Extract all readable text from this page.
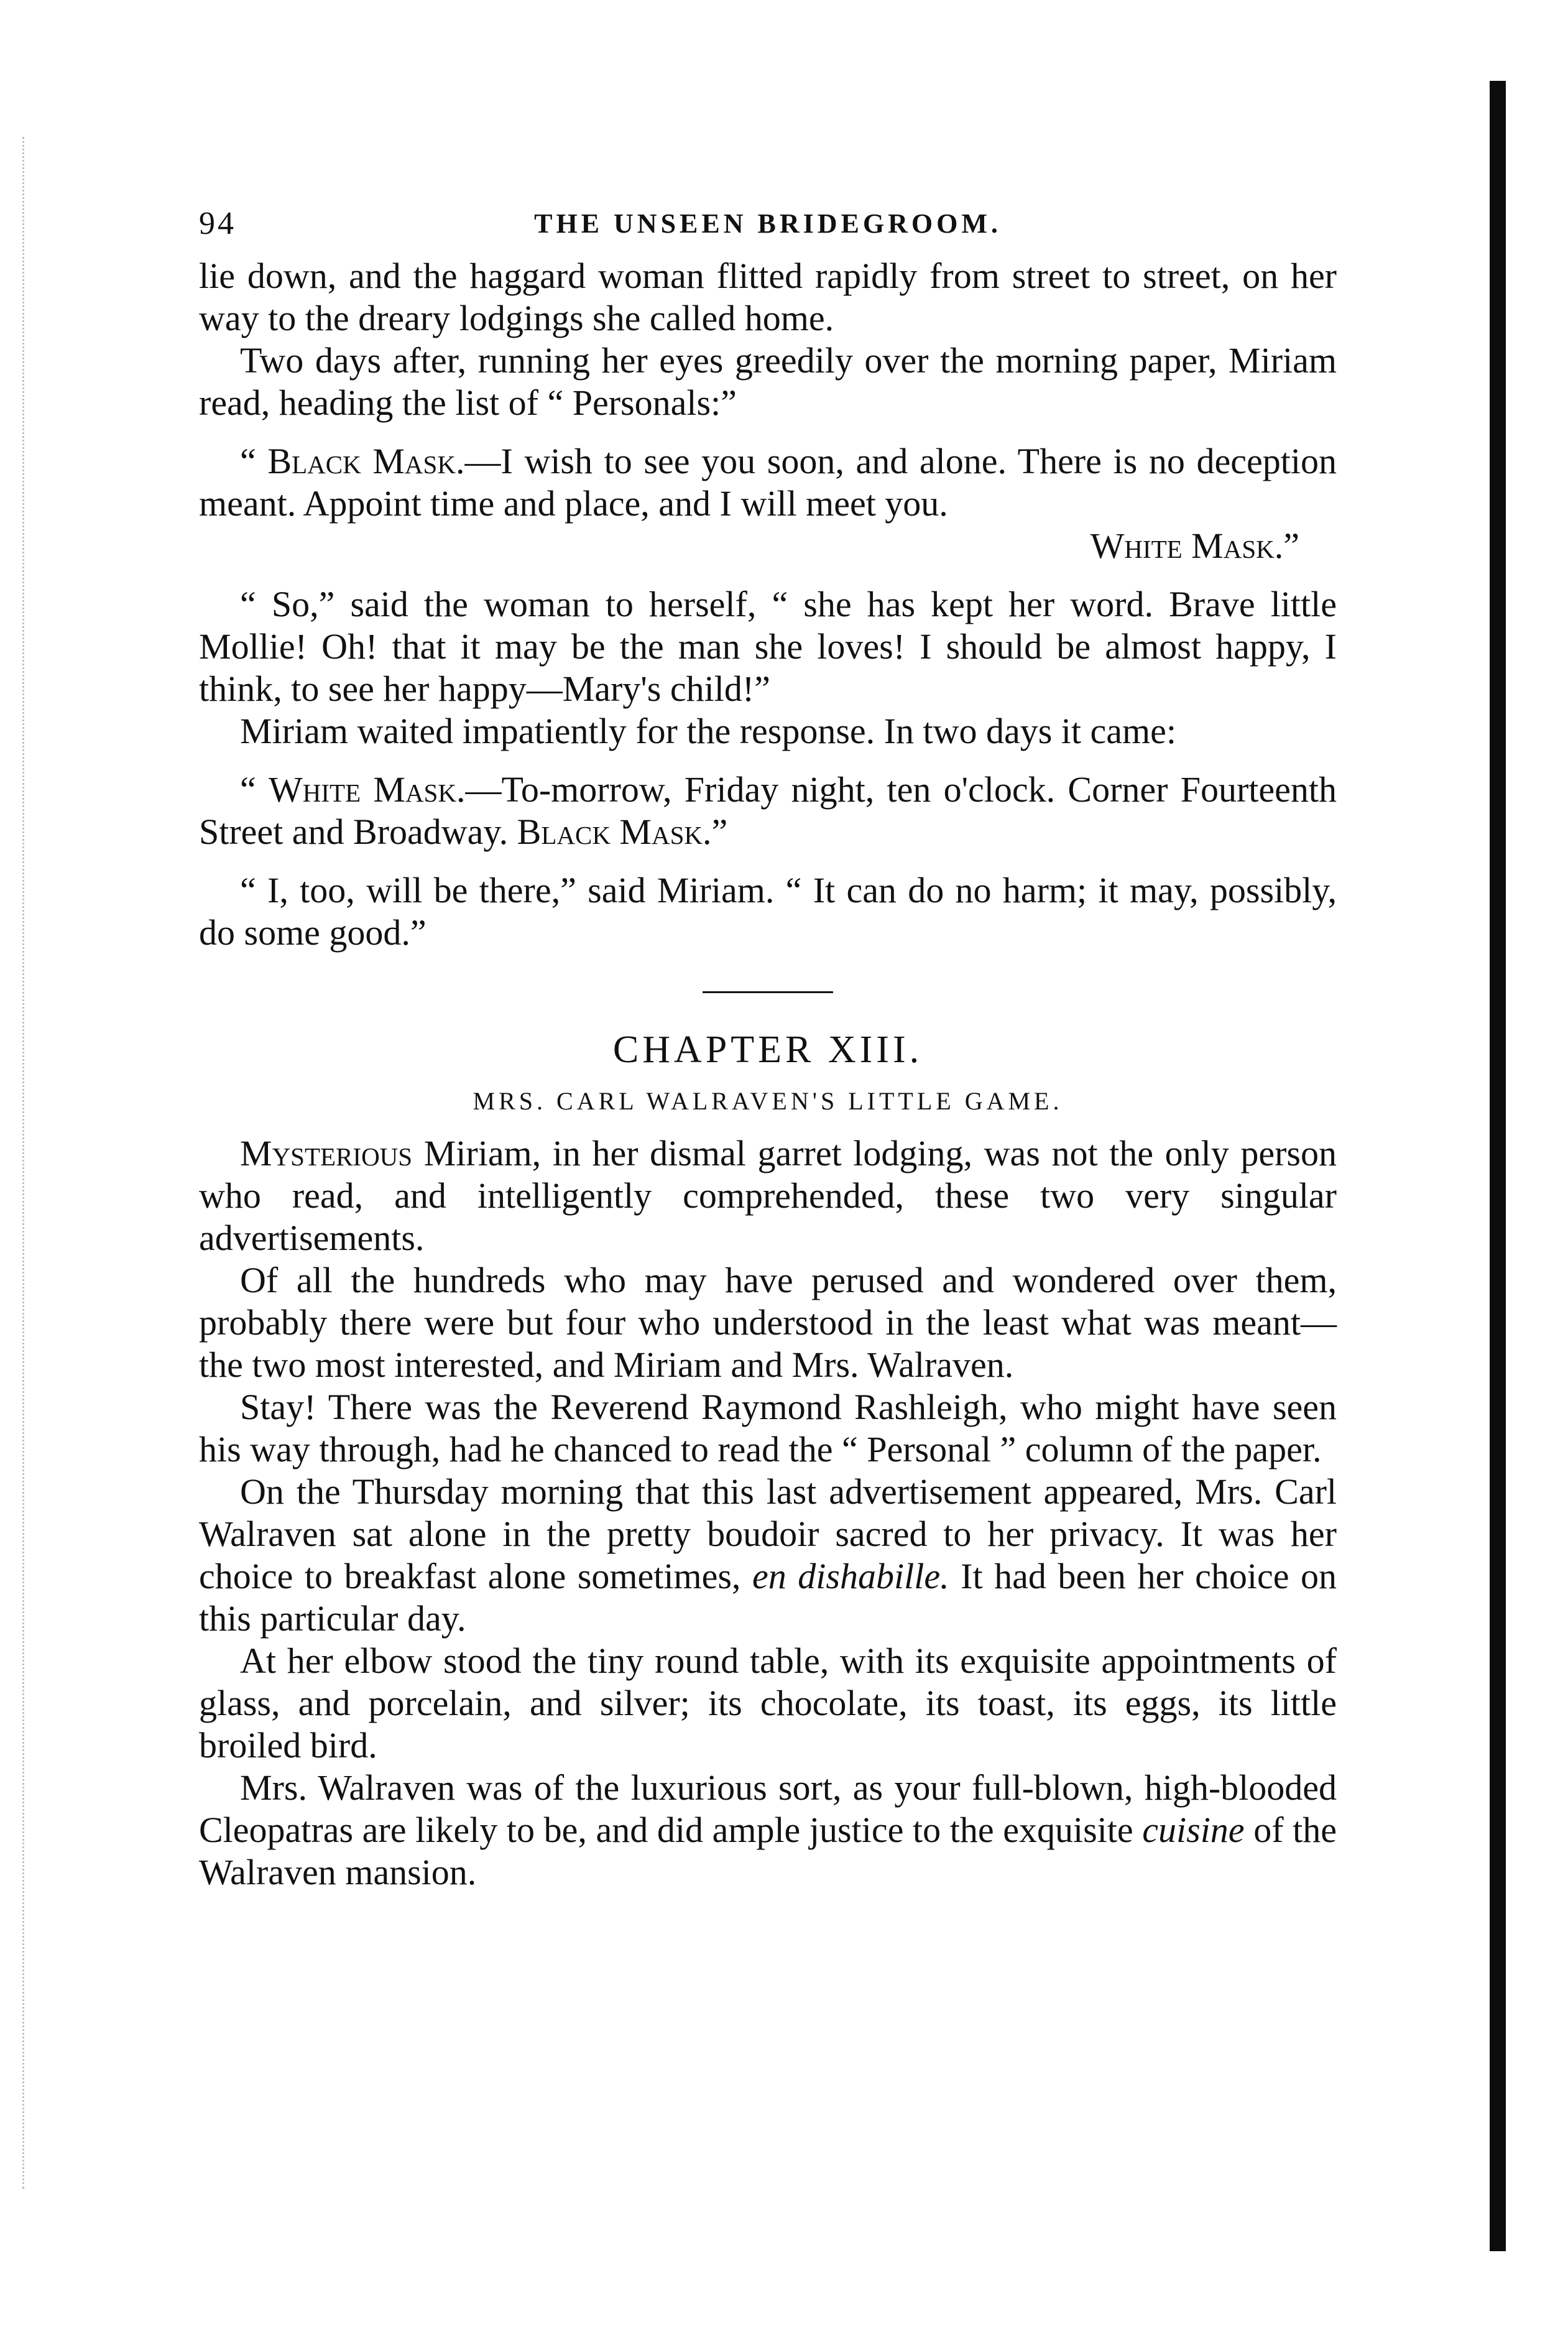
94	THE UNSEEN BRIDEGROOM.

lie down, and the haggard woman flitted rapidly from street to street, on her way to the dreary lodgings she called home.

Two days after, running her eyes greedily over the morning paper, Miriam read, heading the list of “ Personals:”

“ Black Mask.—I wish to see you soon, and alone. There is no deception meant. Appoint time and place, and I will meet you.
White Mask.”

“ So,” said the woman to herself, “ she has kept her word. Brave little Mollie! Oh! that it may be the man she loves! I should be almost happy, I think, to see her happy—Mary's child!”

Miriam waited impatiently for the response. In two days it came:

“ White Mask.—To-morrow, Friday night, ten o'clock. Corner Fourteenth Street and Broadway. Black Mask.”

“ I, too, will be there,” said Miriam. “ It can do no harm; it may, possibly, do some good.”

CHAPTER XIII.
MRS. CARL WALRAVEN'S LITTLE GAME.

Mysterious Miriam, in her dismal garret lodging, was not the only person who read, and intelligently comprehended, these two very singular advertisements.

Of all the hundreds who may have perused and wondered over them, probably there were but four who understood in the least what was meant—the two most interested, and Miriam and Mrs. Walraven.

Stay! There was the Reverend Raymond Rashleigh, who might have seen his way through, had he chanced to read the “ Personal ” column of the paper.

On the Thursday morning that this last advertisement appeared, Mrs. Carl Walraven sat alone in the pretty boudoir sacred to her privacy. It was her choice to breakfast alone sometimes, en dishabille. It had been her choice on this particular day.

At her elbow stood the tiny round table, with its exquisite appointments of glass, and porcelain, and silver; its chocolate, its toast, its eggs, its little broiled bird.

Mrs. Walraven was of the luxurious sort, as your full-blown, high-blooded Cleopatras are likely to be, and did ample justice to the exquisite cuisine of the Walraven mansion.
